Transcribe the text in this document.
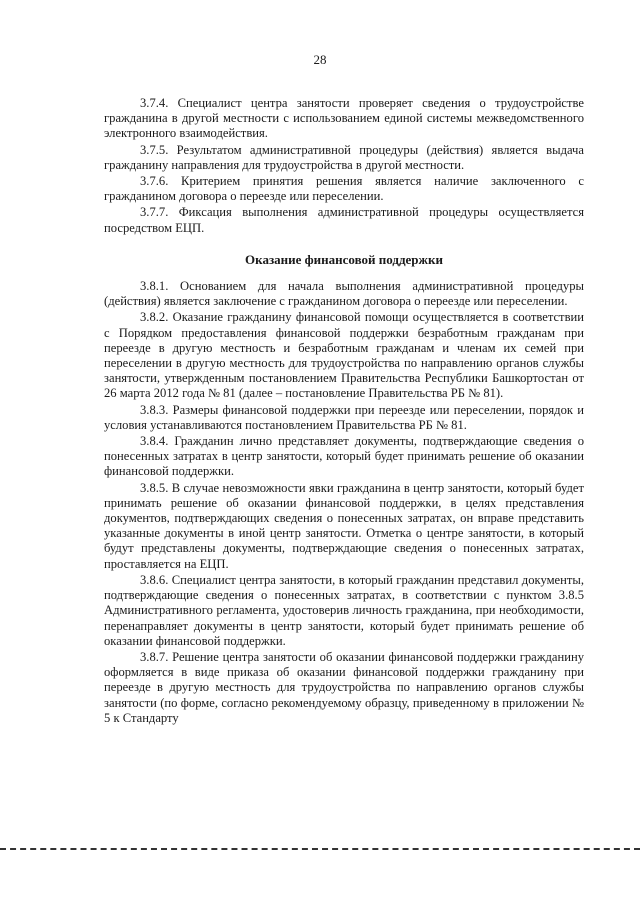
28

3.7.4. Специалист центра занятости проверяет сведения о трудоустройстве гражданина в другой местности с использованием единой системы межведомственного электронного взаимодействия.

3.7.5. Результатом административной процедуры (действия) является выдача гражданину направления для трудоустройства в другой местности.

3.7.6. Критерием принятия решения является наличие заключенного с гражданином договора о переезде или переселении.

3.7.7. Фиксация выполнения административной процедуры осуществляется посредством ЕЦП.

Оказание финансовой поддержки

3.8.1. Основанием для начала выполнения административной процедуры (действия) является заключение с гражданином договора о переезде или переселении.

3.8.2. Оказание гражданину финансовой помощи осуществляется в соответствии с Порядком предоставления финансовой поддержки безработным гражданам при переезде в другую местность и безработным гражданам и членам их семей при переселении в другую местность для трудоустройства по направлению органов службы занятости, утвержденным постановлением Правительства Республики Башкортостан от 26 марта 2012 года № 81 (далее – постановление Правительства РБ № 81).

3.8.3. Размеры финансовой поддержки при переезде или переселении, порядок и условия устанавливаются постановлением Правительства РБ № 81.

3.8.4. Гражданин лично представляет документы, подтверждающие сведения о понесенных затратах в центр занятости, который будет принимать решение об оказании финансовой поддержки.

3.8.5. В случае невозможности явки гражданина в центр занятости, который будет принимать решение об оказании финансовой поддержки, в целях представления документов, подтверждающих сведения о понесенных затратах, он вправе представить указанные документы в иной центр занятости. Отметка о центре занятости, в который будут представлены документы, подтверждающие сведения о понесенных затратах, проставляется на ЕЦП.

3.8.6. Специалист центра занятости, в который гражданин представил документы, подтверждающие сведения о понесенных затратах, в соответствии с пунктом 3.8.5 Административного регламента, удостоверив личность гражданина, при необходимости, перенаправляет документы в центр занятости, который будет принимать решение об оказании финансовой поддержки.

3.8.7. Решение центра занятости об оказании финансовой поддержки гражданину оформляется в виде приказа об оказании финансовой поддержки гражданину при переезде в другую местность для трудоустройства по направлению органов службы занятости (по форме, согласно рекомендуемому образцу, приведенному в приложении № 5 к Стандарту
